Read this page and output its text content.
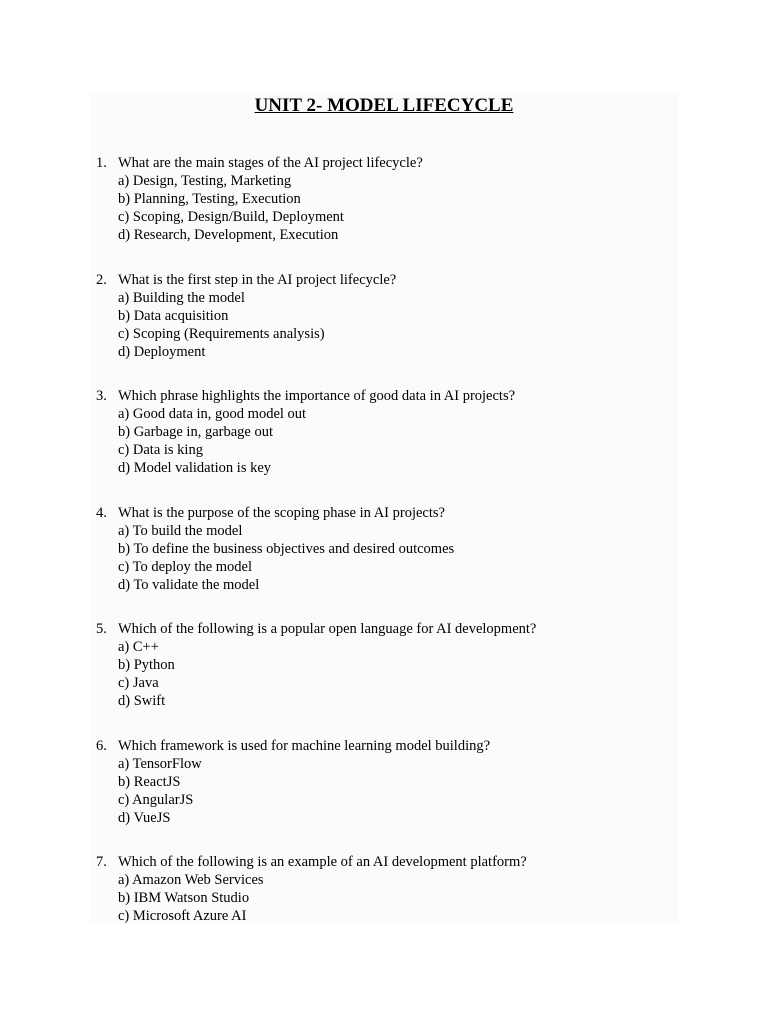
UNIT 2- MODEL LIFECYCLE
1. What are the main stages of the AI project lifecycle?
a) Design, Testing, Marketing
b) Planning, Testing, Execution
c) Scoping, Design/Build, Deployment
d) Research, Development, Execution
2. What is the first step in the AI project lifecycle?
a) Building the model
b) Data acquisition
c) Scoping (Requirements analysis)
d) Deployment
3. Which phrase highlights the importance of good data in AI projects?
a) Good data in, good model out
b) Garbage in, garbage out
c) Data is king
d) Model validation is key
4. What is the purpose of the scoping phase in AI projects?
a) To build the model
b) To define the business objectives and desired outcomes
c) To deploy the model
d) To validate the model
5. Which of the following is a popular open language for AI development?
a) C++
b) Python
c) Java
d) Swift
6. Which framework is used for machine learning model building?
a) TensorFlow
b) ReactJS
c) AngularJS
d) VueJS
7. Which of the following is an example of an AI development platform?
a) Amazon Web Services
b) IBM Watson Studio
c) Microsoft Azure AI
